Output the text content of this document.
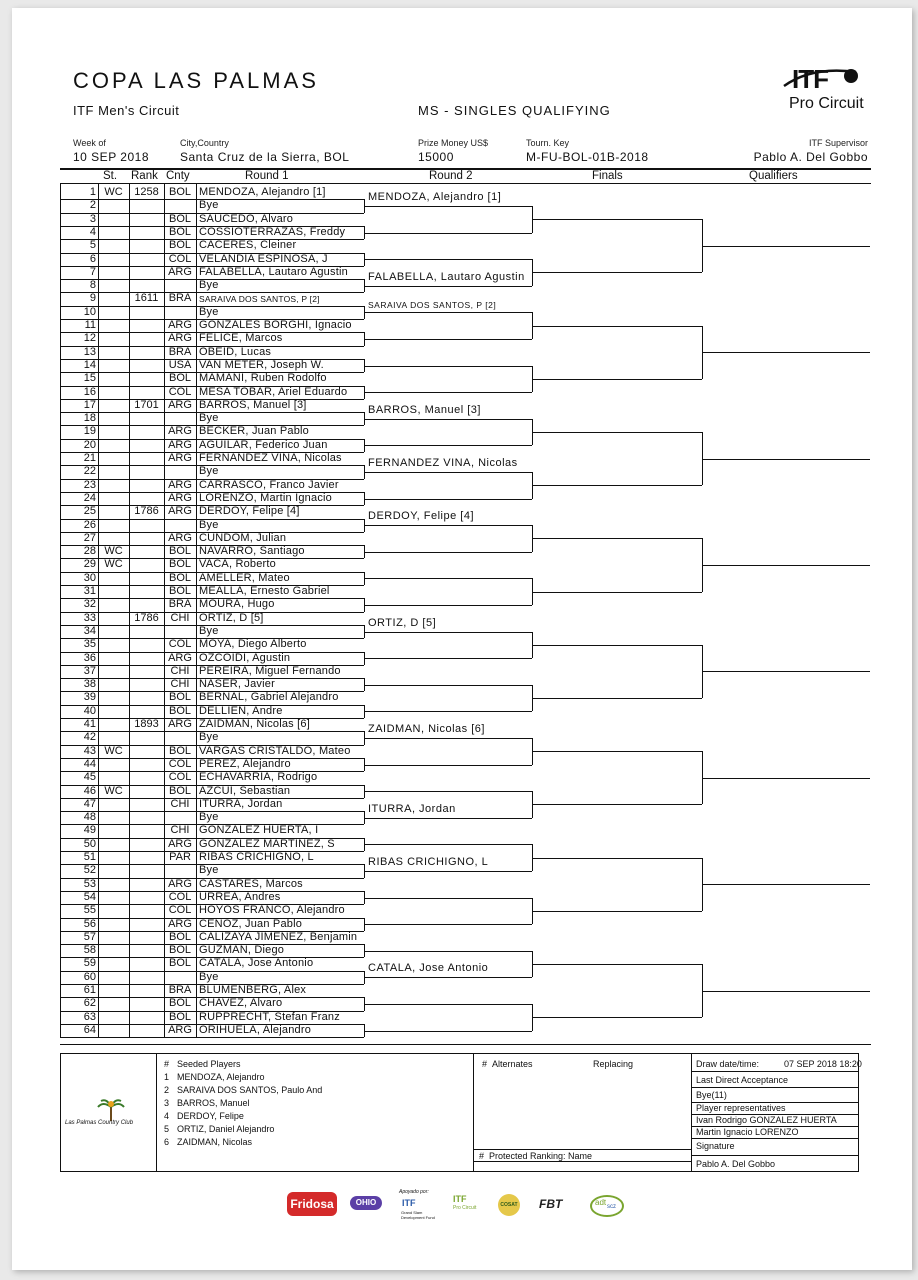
COPA LAS PALMAS
ITF Men's Circuit	MS - SINGLES QUALIFYING
ITF
Pro Circuit
Week of
10 SEP 2018
City,Country
Santa Cruz de la Sierra, BOL
Prize Money US$
15000
Tourn. Key
M-FU-BOL-01B-2018
ITF Supervisor
Pablo A. Del Gobbo
St. Rank Cnty	Round 1	Round 2	Finals	Qualifiers
1 WC	1258 BOL MENDOZA, Alejandro [1]
2	Bye
3	BOL SAUCEDO, Alvaro
4	BOL COSSIOTERRAZAS, Freddy
5	BOL CACERES, Cleiner
6	COL VELANDIA ESPINOSA, J
7	ARG FALABELLA, Lautaro Agustin
8	Bye
9	1611 BRA SARAIVA DOS SANTOS, P [2]
10	Bye
11	ARG GONZALES BORGHI, Ignacio
12	ARG FELICE, Marcos
13	BRA OBEID, Lucas
14	USA VAN METER, Joseph W.
15	BOL MAMANI, Ruben Rodolfo
16	COL MESA TOBAR, Ariel Eduardo
17	1701 ARG BARROS, Manuel [3]
18	Bye
19	ARG BECKER, Juan Pablo
20	ARG AGUILAR, Federico Juan
21	ARG FERNANDEZ VINA, Nicolas
22	Bye
23	ARG CARRASCO, Franco Javier
24	ARG LORENZO, Martin Ignacio
25	1786 ARG DERDOY, Felipe [4]
26	Bye
27	ARG CUNDOM, Julian
28 WC	BOL NAVARRO, Santiago
29 WC	BOL VACA, Roberto
30	BOL AMELLER, Mateo
31	BOL MEALLA, Ernesto Gabriel
32	BRA MOURA, Hugo
33	1786	CHI ORTIZ, D [5]
34	Bye
35	COL MOYA, Diego Alberto
36	ARG OZCOIDI, Agustin
37	CHI PEREIRA, Miguel Fernando
38	CHI NASER, Javier
39	BOL BERNAL, Gabriel Alejandro
40	BOL DELLIEN, Andre
41	1893 ARG ZAIDMAN, Nicolas [6]
42	Bye
43 WC	BOL VARGAS CRISTALDO, Mateo
44	COL PEREZ, Alejandro
45	COL ECHAVARRIA, Rodrigo
46 WC	BOL AZCUI, Sebastian
47	CHI ITURRA, Jordan
48	Bye
49	CHI GONZALEZ HUERTA, I
50	ARG GONZALEZ MARTINEZ, S
51	PAR RIBAS CRICHIGNO, L
52	Bye
53	ARG CASTARES, Marcos
54	COL URREA, Andres
55	COL HOYOS FRANCO, Alejandro
56	ARG CENOZ, Juan Pablo
57	BOL CALIZAYA JIMENEZ, Benjamin
58	BOL GUZMAN, Diego
59	BOL CATALA, Jose Antonio
60	Bye
61	BRA BLUMENBERG, Alex
62	BOL CHAVEZ, Alvaro
63	BOL RUPPRECHT, Stefan Franz
64	ARG ORIHUELA, Alejandro
MENDOZA, Alejandro [1]
FALABELLA, Lautaro Agustin
SARAIVA DOS SANTOS, P [2]
BARROS, Manuel [3]
FERNANDEZ VINA, Nicolas
DERDOY, Felipe [4]
ORTIZ, D [5]
ZAIDMAN, Nicolas [6]
ITURRA, Jordan
RIBAS CRICHIGNO, L
CATALA, Jose Antonio
Las Palmas Country Club
# Seeded Players
1 MENDOZA, Alejandro
2 SARAIVA DOS SANTOS, Paulo And
3 BARROS, Manuel
4 DERDOY, Felipe
5 ORTIZ, Daniel Alejandro
6 ZAIDMAN, Nicolas
# Alternates	Replacing
# Protected Ranking: Name
Draw date/time:	07 SEP 2018 18:20
Last Direct Acceptance
Bye(11)
Player representatives
Ivan Rodrigo GONZALEZ HUERTA
Martin Ignacio LORENZO
Signature
Pablo A. Del Gobbo
Fridosa	OHIO
Apoyado por:
ITF
Grand Slam Development Fund
ITF
Pro Circuit	COSAT FBT	adt scz
